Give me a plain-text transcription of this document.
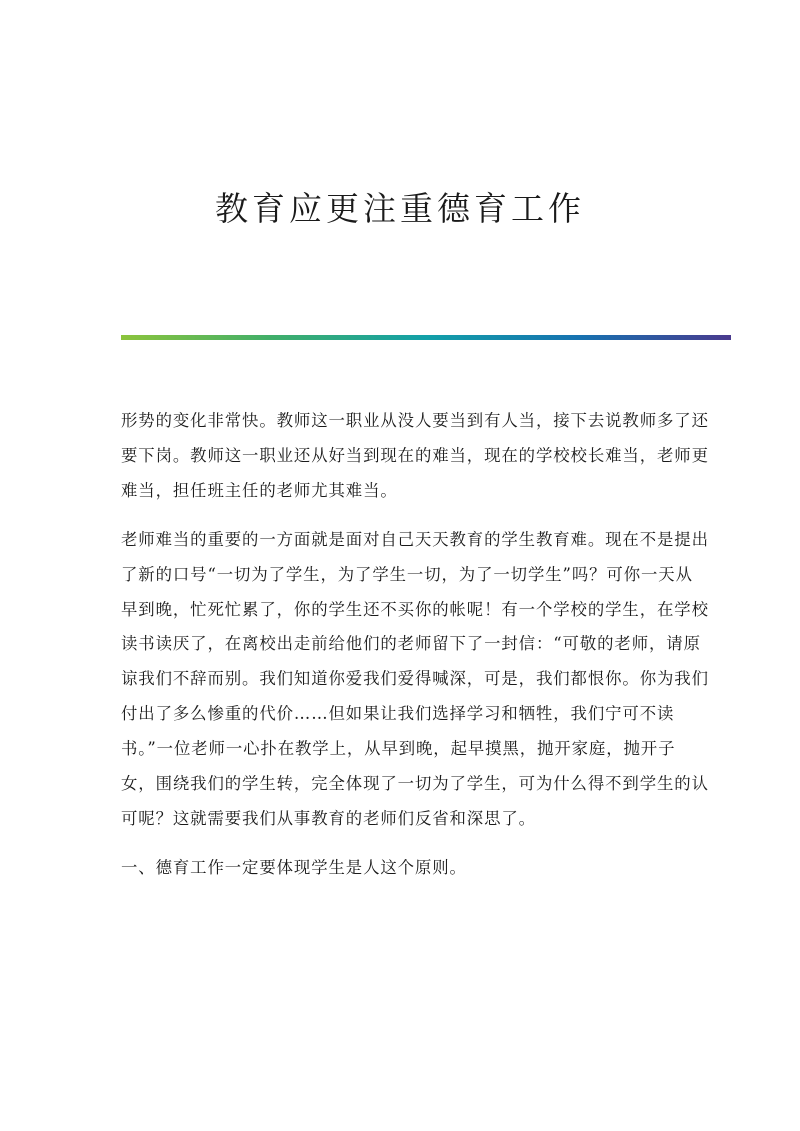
教育应更注重德育工作

形势的变化非常快。教师这一职业从没人要当到有人当，接下去说教师多了还
要下岗。教师这一职业还从好当到现在的难当，现在的学校校长难当，老师更
难当，担任班主任的老师尤其难当。

老师难当的重要的一方面就是面对自己天天教育的学生教育难。现在不是提出
了新的口号“一切为了学生，为了学生一切，为了一切学生”吗？可你一天从
早到晚，忙死忙累了，你的学生还不买你的帐呢！有一个学校的学生，在学校
读书读厌了，在离校出走前给他们的老师留下了一封信：“可敬的老师，请原
谅我们不辞而别。我们知道你爱我们爱得喊深，可是，我们都恨你。你为我们
付出了多么惨重的代价……但如果让我们选择学习和牺牲，我们宁可不读
书。”一位老师一心扑在教学上，从早到晚，起早摸黑，抛开家庭，抛开子
女，围绕我们的学生转，完全体现了一切为了学生，可为什么得不到学生的认
可呢？这就需要我们从事教育的老师们反省和深思了。

一、德育工作一定要体现学生是人这个原则。
